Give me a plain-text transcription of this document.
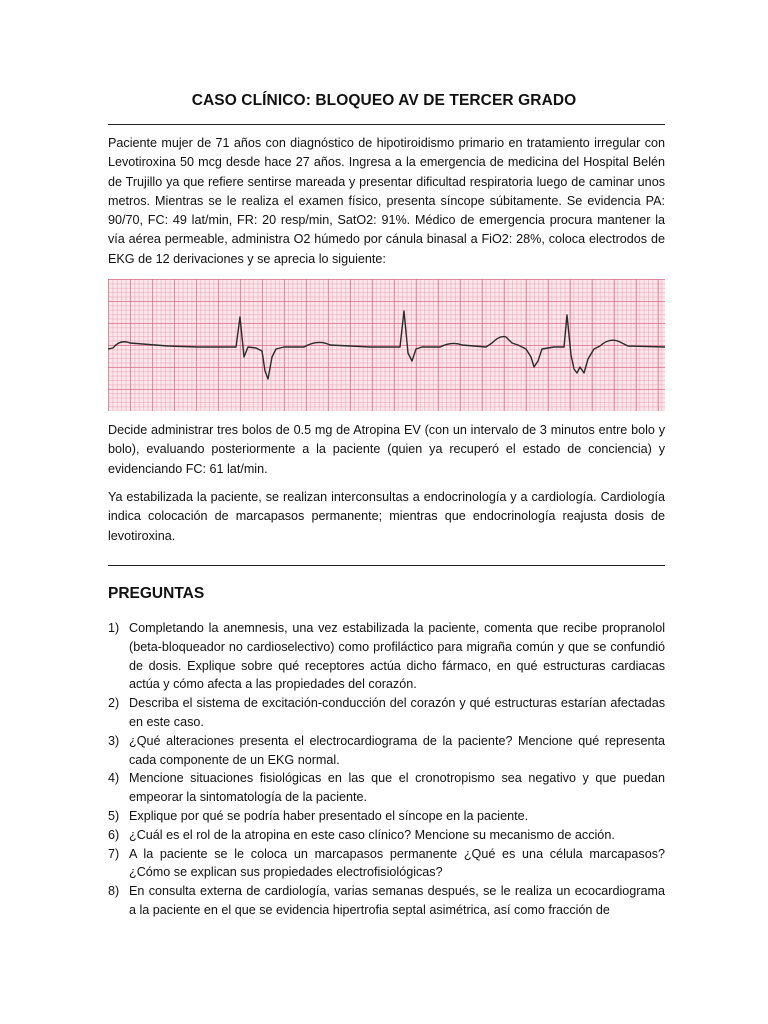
CASO CLÍNICO: BLOQUEO AV DE TERCER GRADO

Paciente mujer de 71 años con diagnóstico de hipotiroidismo primario en tratamiento irregular con Levotiroxina 50 mcg desde hace 27 años. Ingresa a la emergencia de medicina del Hospital Belén de Trujillo ya que refiere sentirse mareada y presentar dificultad respiratoria luego de caminar unos metros. Mientras se le realiza el examen físico, presenta síncope súbitamente. Se evidencia PA: 90/70, FC: 49 lat/min, FR: 20 resp/min, SatO2: 91%. Médico de emergencia procura mantener la vía aérea permeable, administra O2 húmedo por cánula binasal a FiO2: 28%, coloca electrodos de EKG de 12 derivaciones y se aprecia lo siguiente:

Decide administrar tres bolos de 0.5 mg de Atropina EV (con un intervalo de 3 minutos entre bolo y bolo), evaluando posteriormente a la paciente (quien ya recuperó el estado de conciencia) y evidenciando FC: 61 lat/min.

Ya estabilizada la paciente, se realizan interconsultas a endocrinología y a cardiología. Cardiología indica colocación de marcapasos permanente; mientras que endocrinología reajusta dosis de levotiroxina.

PREGUNTAS
1) Completando la anemnesis, una vez estabilizada la paciente, comenta que recibe propranolol (beta-bloqueador no cardioselectivo) como profiláctico para migraña común y que se confundió de dosis. Explique sobre qué receptores actúa dicho fármaco, en qué estructuras cardiacas actúa y cómo afecta a las propiedades del corazón.
2) Describa el sistema de excitación-conducción del corazón y qué estructuras estarían afectadas en este caso.
3) ¿Qué alteraciones presenta el electrocardiograma de la paciente? Mencione qué representa cada componente de un EKG normal.
4) Mencione situaciones fisiológicas en las que el cronotropismo sea negativo y que puedan empeorar la sintomatología de la paciente.
5) Explique por qué se podría haber presentado el síncope en la paciente.
6) ¿Cuál es el rol de la atropina en este caso clínico? Mencione su mecanismo de acción.
7) A la paciente se le coloca un marcapasos permanente ¿Qué es una célula marcapasos? ¿Cómo se explican sus propiedades electrofisiológicas?
8) En consulta externa de cardiología, varias semanas después, se le realiza un ecocardiograma a la paciente en el que se evidencia hipertrofia septal asimétrica, así como fracción de
